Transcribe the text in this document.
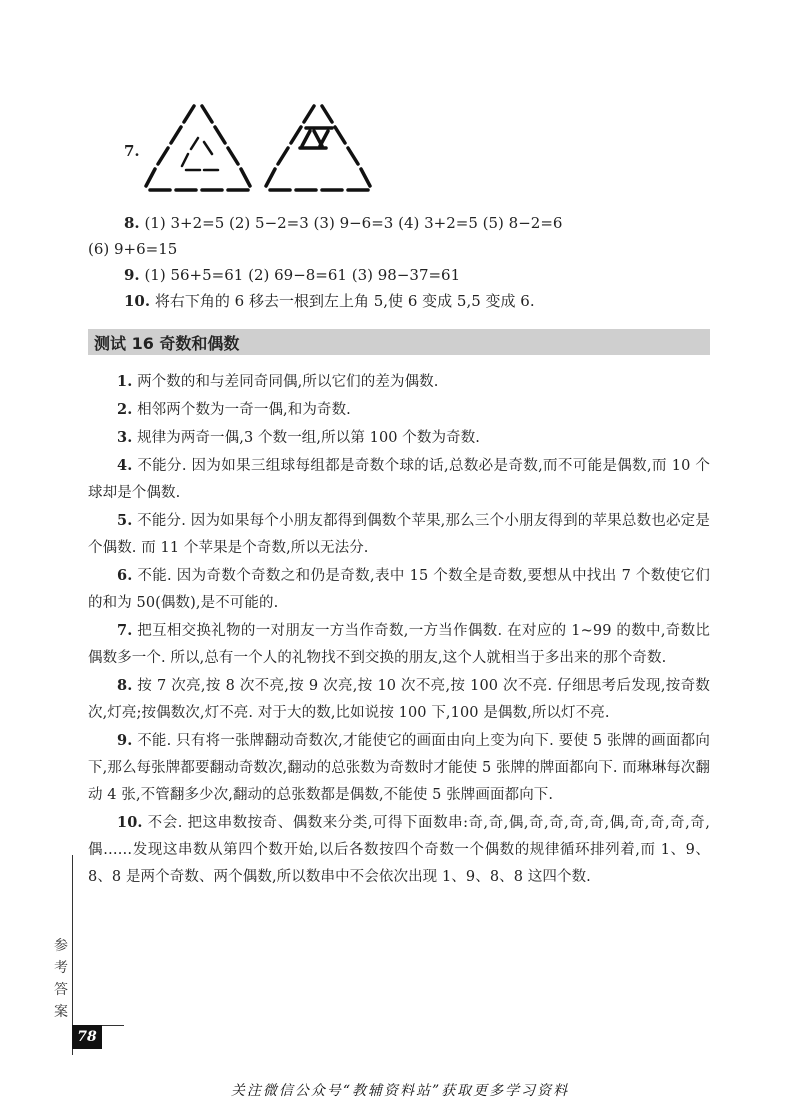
7.
8. (1) 3+2=5 (2) 5−2=3 (3) 9−6=3 (4) 3+2=5 (5) 8−2=6
(6) 9+6=15
9. (1) 56+5=61 (2) 69−8=61 (3) 98−37=61
10. 将右下角的 6 移去一根到左上角 5,使 6 变成 5,5 变成 6.
测试 16 奇数和偶数

1. 两个数的和与差同奇同偶,所以它们的差为偶数.

2. 相邻两个数为一奇一偶,和为奇数.

3. 规律为两奇一偶,3 个数一组,所以第 100 个数为奇数.

4. 不能分. 因为如果三组球每组都是奇数个球的话,总数必是奇数,而不可能是偶数,而 10 个球却是个偶数.

5. 不能分. 因为如果每个小朋友都得到偶数个苹果,那么三个小朋友得到的苹果总数也必定是个偶数. 而 11 个苹果是个奇数,所以无法分.

6. 不能. 因为奇数个奇数之和仍是奇数,表中 15 个数全是奇数,要想从中找出 7 个数使它们的和为 50(偶数),是不可能的.

7. 把互相交换礼物的一对朋友一方当作奇数,一方当作偶数. 在对应的 1~99 的数中,奇数比偶数多一个. 所以,总有一个人的礼物找不到交换的朋友,这个人就相当于多出来的那个奇数.

8. 按 7 次亮,按 8 次不亮,按 9 次亮,按 10 次不亮,按 100 次不亮. 仔细思考后发现,按奇数次,灯亮;按偶数次,灯不亮. 对于大的数,比如说按 100 下,100 是偶数,所以灯不亮.

9. 不能. 只有将一张牌翻动奇数次,才能使它的画面由向上变为向下. 要使 5 张牌的画面都向下,那么每张牌都要翻动奇数次,翻动的总张数为奇数时才能使 5 张牌的牌面都向下. 而琳琳每次翻动 4 张,不管翻多少次,翻动的总张数都是偶数,不能使 5 张牌画面都向下.

10. 不会. 把这串数按奇、偶数来分类,可得下面数串:奇,奇,偶,奇,奇,奇,奇,偶,奇,奇,奇,奇,偶……发现这串数从第四个数开始,以后各数按四个奇数一个偶数的规律循环排列着,而 1、9、8、8 是两个奇数、两个偶数,所以数串中不会依次出现 1、9、8、8 这四个数.

参考答案
78
关注微信公众号“教辅资料站”获取更多学习资料
